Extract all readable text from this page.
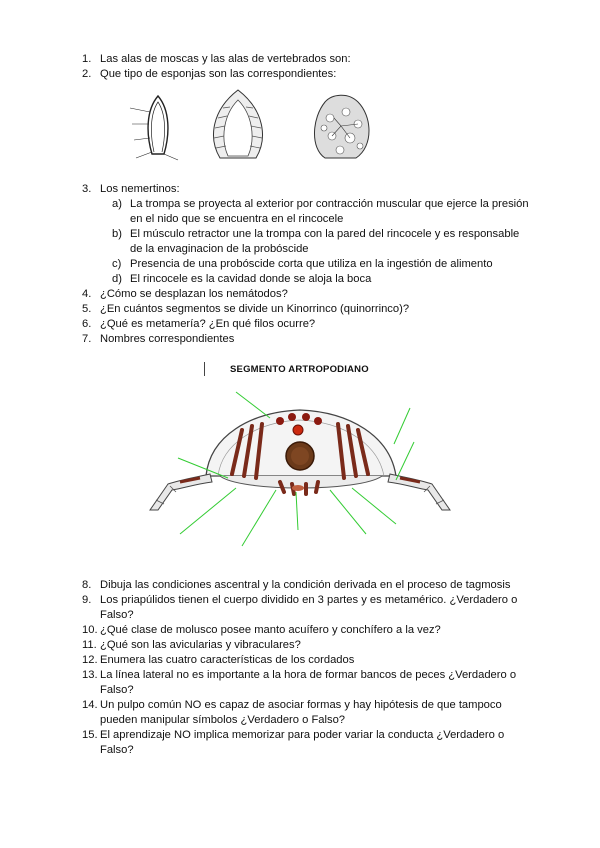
1. Las alas de moscas y las alas de vertebrados son:
2. Que tipo de esponjas son las correspondientes:
3. Los nemertinos:
a) La trompa se proyecta al exterior por contracción muscular que ejerce la presión
en el nido que se encuentra en el rincocele
b) El músculo retractor une la trompa con la pared del rincocele y es responsable
de la envaginacion de la probóscide
c) Presencia de una probóscide corta que utiliza en la ingestión de alimento
d) El rincocele es la cavidad donde se aloja la boca
4. ¿Cómo se desplazan los nemátodos?
5. ¿En cuántos segmentos se divide un Kinorrinco (quinorrinco)?
6. ¿Qué es metamería? ¿En qué filos ocurre?
7. Nombres correspondientes
SEGMENTO ARTROPODIANO
8. Dibuja las condiciones ascentral y la condición derivada en el proceso de tagmosis
9. Los priapúlidos tienen el cuerpo dividido en 3 partes y es metamérico. ¿Verdadero o
Falso?
10. ¿Qué clase de molusco posee manto acuífero y conchífero a la vez?
11. ¿Qué son las avicularias y vibraculares?
12. Enumera las cuatro características de los cordados
13. La línea lateral no es importante a la hora de formar bancos de peces ¿Verdadero o
Falso?
14. Un pulpo común NO es capaz de asociar formas y hay hipótesis de que tampoco
pueden manipular símbolos ¿Verdadero o Falso?
15. El aprendizaje NO implica memorizar para poder variar la conducta ¿Verdadero o
Falso?
